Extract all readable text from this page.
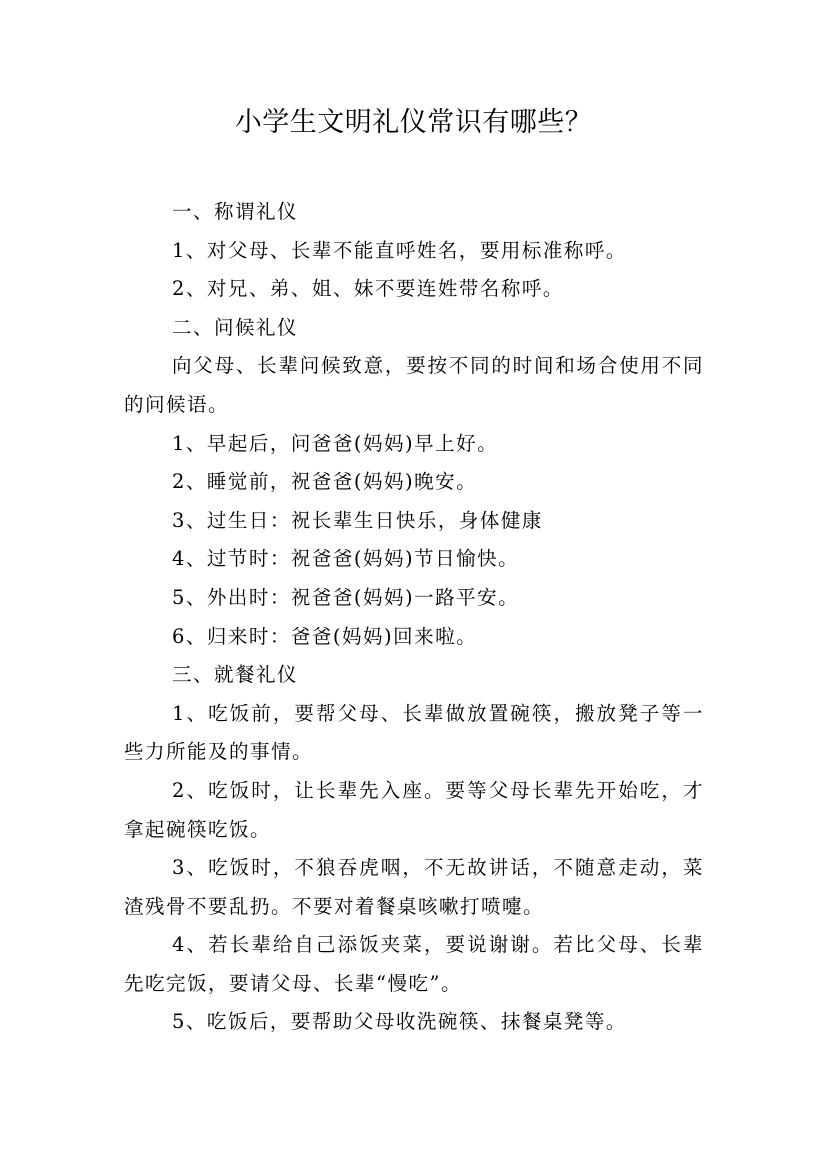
小学生文明礼仪常识有哪些？

一、称谓礼仪

1、对父母、长辈不能直呼姓名，要用标准称呼。

2、对兄、弟、姐、妹不要连姓带名称呼。

二、问候礼仪

向父母、长辈问候致意，要按不同的时间和场合使用不同的问候语。

1、早起后，问爸爸(妈妈)早上好。

2、睡觉前，祝爸爸(妈妈)晚安。

3、过生日：祝长辈生日快乐，身体健康

4、过节时：祝爸爸(妈妈)节日愉快。

5、外出时：祝爸爸(妈妈)一路平安。

6、归来时：爸爸(妈妈)回来啦。

三、就餐礼仪

1、吃饭前，要帮父母、长辈做放置碗筷，搬放凳子等一些力所能及的事情。

2、吃饭时，让长辈先入座。要等父母长辈先开始吃，才拿起碗筷吃饭。

3、吃饭时，不狼吞虎咽，不无故讲话，不随意走动，菜渣残骨不要乱扔。不要对着餐桌咳嗽打喷嚏。

4、若长辈给自己添饭夹菜，要说谢谢。若比父母、长辈先吃完饭，要请父母、长辈“慢吃”。

5、吃饭后，要帮助父母收洗碗筷、抹餐桌凳等。
